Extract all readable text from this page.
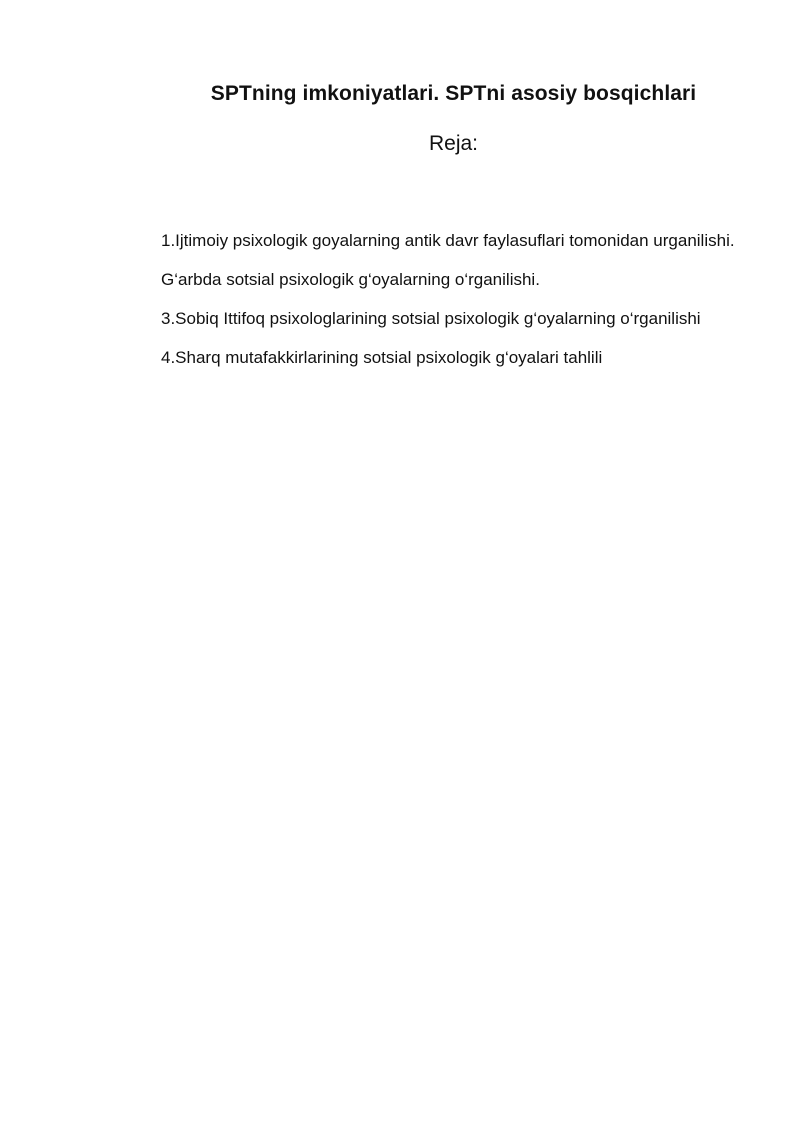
SPTning imkoniyatlari. SPTni asosiy bosqichlari
Reja:

1.Ijtimoiy psixologik goyalarning antik davr faylasuflari tomonidan urganilishi.

G‘arbda sotsial psixologik g‘oyalarning o‘rganilishi.

3.Sobiq Ittifoq psixologlarining sotsial psixologik g‘oyalarning o‘rganilishi

4.Sharq mutafakkirlarining sotsial psixologik g‘oyalari tahlili
